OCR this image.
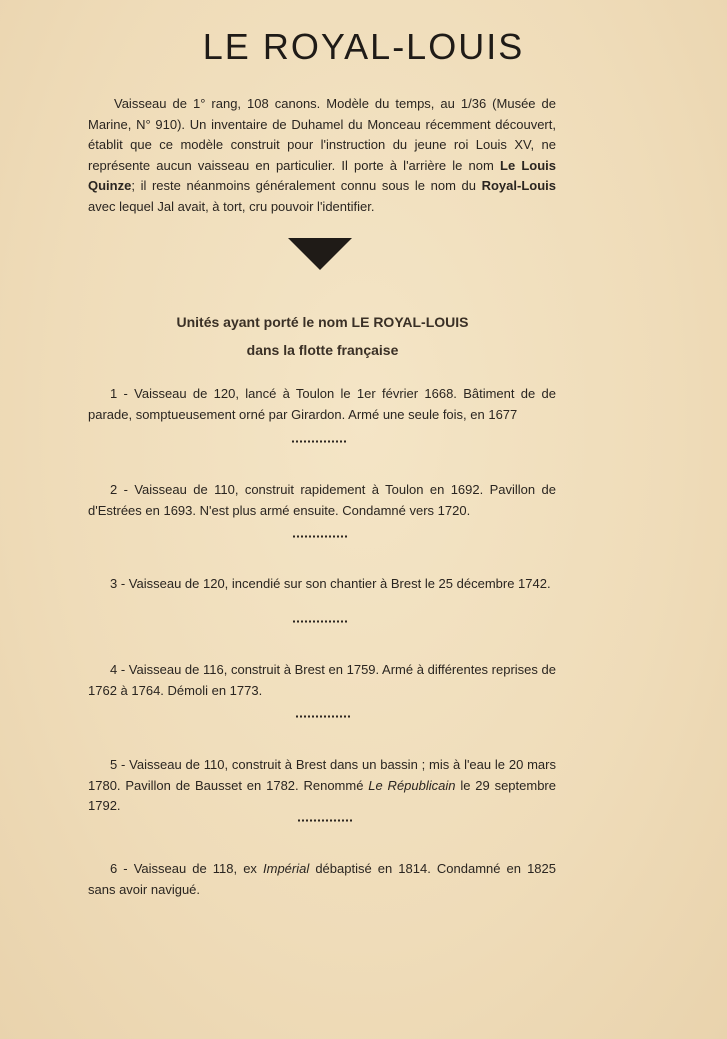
LE ROYAL-LOUIS

Vaisseau de 1° rang, 108 canons. Modèle du temps, au 1/36 (Musée de Marine, N° 910). Un inventaire de Duhamel du Monceau récemment découvert, établit que ce modèle construit pour l'instruction du jeune roi Louis XV, ne représente aucun vaisseau en particulier. Il porte à l'arrière le nom Le Louis Quinze; il reste néanmoins généralement connu sous le nom du Royal-Louis avec lequel Jal avait, à tort, cru pouvoir l'identifier.

Unités ayant porté le nom LE ROYAL-LOUIS
dans la flotte française

1 - Vaisseau de 120, lancé à Toulon le 1er février 1668. Bâtiment de de parade, somptueusement orné par Girardon. Armé une seule fois, en 1677

2 - Vaisseau de 110, construit rapidement à Toulon en 1692. Pavillon de d'Estrées en 1693. N'est plus armé ensuite. Condamné vers 1720.

3 - Vaisseau de 120, incendié sur son chantier à Brest le 25 décembre 1742.

4 - Vaisseau de 116, construit à Brest en 1759. Armé à différentes reprises de 1762 à 1764. Démoli en 1773.

5 - Vaisseau de 110, construit à Brest dans un bassin ; mis à l'eau le 20 mars 1780. Pavillon de Bausset en 1782. Renommé Le Républicain le 29 septembre 1792.

6 - Vaisseau de 118, ex Impérial débaptisé en 1814. Condamné en 1825 sans avoir navigué.
